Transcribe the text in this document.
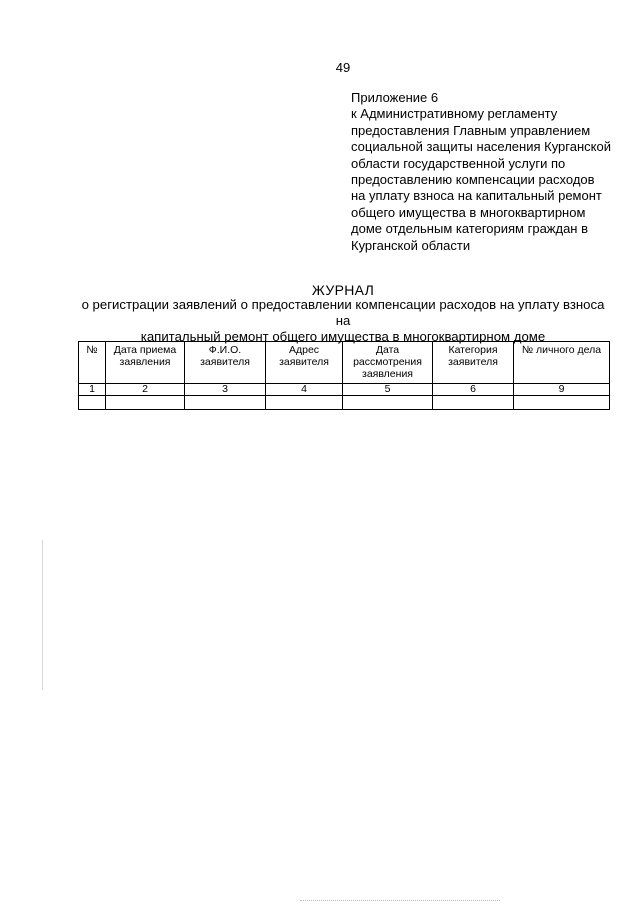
49
Приложение 6
к Административному регламенту
предоставления Главным управлением
социальной защиты населения Курганской
области государственной услуги по
предоставлению компенсации расходов
на уплату взноса на капитальный ремонт
общего имущества в многоквартирном
доме отдельным категориям граждан в
Курганской области
ЖУРНАЛ
о регистрации заявлений о предоставлении компенсации расходов на уплату взноса на
капитальный ремонт общего имущества в многоквартирном доме
№	Дата приема заявления	Ф.И.О. заявителя	Адрес заявителя	Дата рассмотрения заявления	Категория заявителя	№ личного дела
1	2	3	4	5	6	9
